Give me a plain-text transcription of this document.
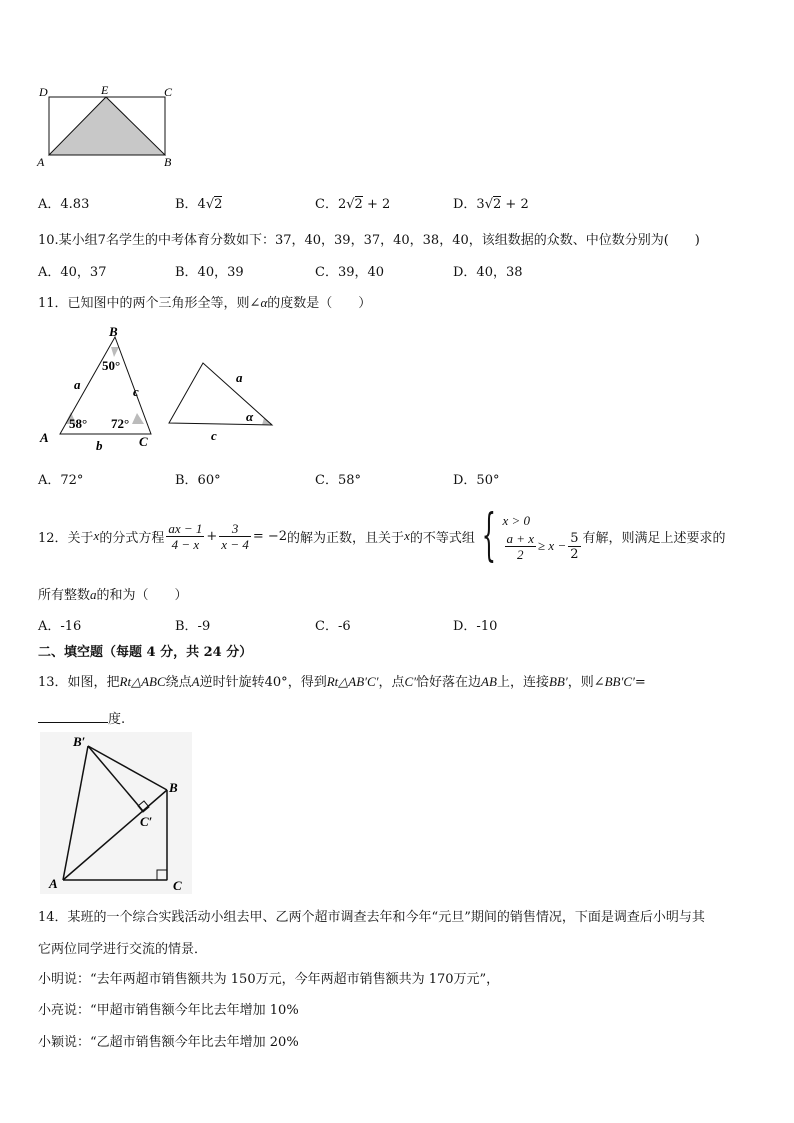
D	E	C
A	B
A．4.83	B．4√2	C．2√2 + 2	D．3√2 + 2
10.某小组7名学生的中考体育分数如下：37，40，39，37，40，38，40，该组数据的众数、中位数分别为(　　)
A．40，37	B．40，39	C．39，40	D．40，38
11．已知图中的两个三角形全等，则∠α的度数是（　　）
B
A	C
a	c
b
50°
58° 72°
a
c
α
A．72°	B．60°	C．58°	D．50°
12．关于 x 的分式方程 $\frac{ax - 1}{4 - x} + \frac{3}{x - 4} = -2$ 的解为正数，且关于 x 的不等式组 { x > 0
$\frac{a + x}{2} \ge x - \frac{5}{2}$ 有解，则满足上述要求的
所有整数a的和为（　　）
A．-16	B．-9	C．-6	D．-10
二、填空题（每题 4 分，共 24 分）
13．如图，把Rt△ABC绕点A逆时针旋转40°，得到Rt△AB′C′，点C′恰好落在边AB上，连接BB′，则∠BB′C′=
度.
B′
B
C′
A	C
14．某班的一个综合实践活动小组去甲、乙两个超市调查去年和今年“元旦”期间的销售情况，下面是调查后小明与其
它两位同学进行交流的情景．
小明说：“去年两超市销售额共为 150万元，今年两超市销售额共为 170万元”，
小亮说：“甲超市销售额今年比去年增加 10%
小颖说：“乙超市销售额今年比去年增加 20%
